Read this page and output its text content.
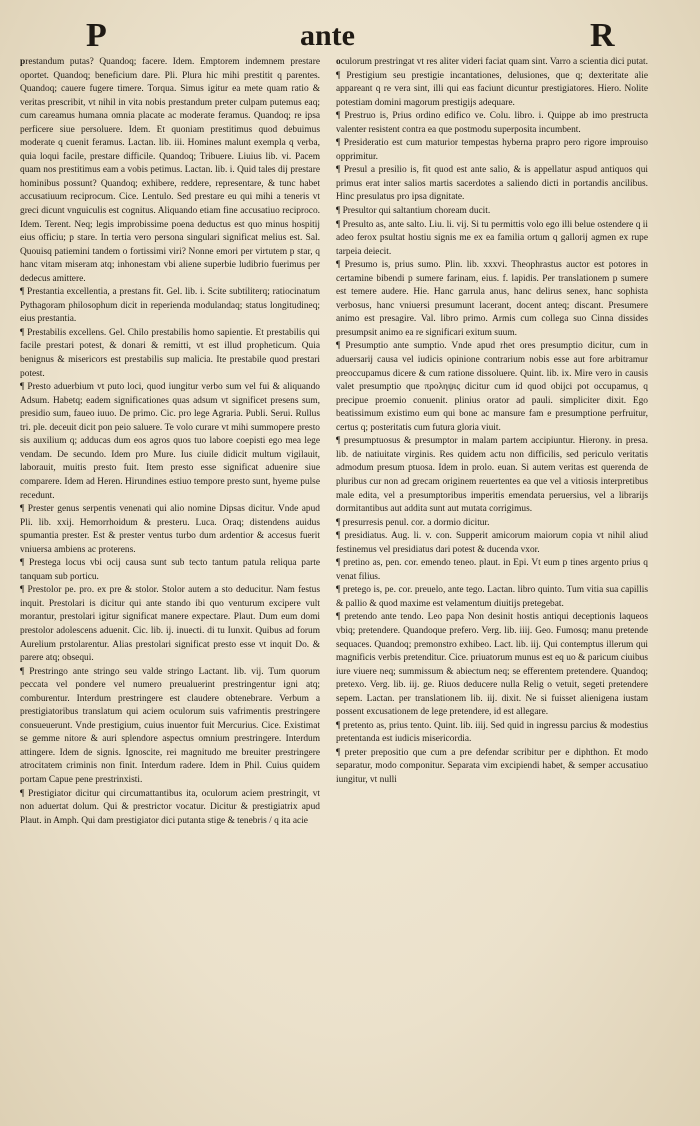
P	ante	R

prestandum putas? Quandoq; facere. Idem. Emptorem indemnem prestare oportet. Quandoq; beneficium dare. Pli. Plura hic mihi prestitit q parentes. Quandoq; cauere fugere timere. Torqua. Simus igitur ea mete quam ratio & veritas prescribit, vt nihil in vita nobis prestandum preter culpam putemus eaq; cum careamus humana omnia placate ac moderate feramus. Quandoq; re ipsa perficere siue persoluere. Idem. Et quoniam prestitimus quod debuimus moderate q cuenit feramus. Lactan. lib. iii. Homines malunt exempla q verba, quia loqui facile, prestare difficile. Quandoq; Tribuere. Liuius lib. vi. Pacem quam nos prestitimus eam a vobis petimus. Lactan. lib. i. Quid tales dij prestare hominibus possunt? Quandoq; exhibere, reddere, representare, & tunc habet accusatiuum reciprocum. Cice. Lentulo. Sed prestare eu qui mihi a teneris vt greci dicunt vnguiculis est cognitus. Aliquando etiam fine accusatiuo reciproco. Idem. Terent. Neq; legis improbissime poena deductus est quo minus hospitij eius officiu; p stare. In tertia vero persona singulari significat melius est. Sal. Quouisq patiemini tandem o fortissimi viri? Nonne emori per virtutem p star, q hanc vitam miseram atq; inhonestam vbi aliene superbie ludibrio fuerimus per dedecus amittere.

¶ Prestantia excellentia, a prestans fit. Gel. lib. i. Scite subtiliterq; ratiocinatum Pythagoram philosophum dicit in reperienda modulandaq; status longitudineq; eius prestantia.

¶ Prestabilis excellens. Gel. Chilo prestabilis homo sapientie. Et prestabilis qui facile prestari potest, & donari & remitti, vt est illud propheticum. Quia benignus & misericors est prestabilis sup malicia. Ite prestabile quod prestari potest.

¶ Presto aduerbium vt puto loci, quod iungitur verbo sum vel fui & aliquando Adsum. Habetq; eadem significationes quas adsum vt significet presens sum, presidio sum, faueo iuuo. De primo. Cic. pro lege Agraria. Publi. Serui. Rullus tri. ple. deceuit dicit pon peio saluere. Te volo curare vt mihi summopere presto sis auxilium q; adducas dum eos agros quos tuo labore coepisti ego mea lege vendam. De secundo. Idem pro Mure. Ius ciuile didicit multum vigilauit, laborauit, muitis presto fuit. Item presto esse significat aduenire siue comparere. Idem ad Heren. Hirundines estiuo tempore presto sunt, hyeme pulse recedunt.

¶ Prester genus serpentis venenati qui alio nomine Dipsas dicitur. Vnde apud Pli. lib. xxij. Hemorrhoidum & presteru. Luca. Oraq; distendens auidus spumantia prester. Est & prester ventus turbo dum ardentior & accesus fuerit vniuersa ambiens ac proterens.

¶ Prestega locus vbi ocij causa sunt sub tecto tantum patula reliqua parte tanquam sub porticu.

¶ Prestolor pe. pro. ex pre & stolor. Stolor autem a sto deducitur. Nam festus inquit. Prestolari is dicitur qui ante stando ibi quo venturum excipere vult morantur, prestolari igitur significat manere expectare. Plaut. Dum eum domi prestolor adolescens aduenit. Cic. lib. ij. inuecti. di tu Iunxit. Quibus ad forum Aurelium prstolarentur. Alias prestolari significat presto esse vt inquit Do. & parere atq; obsequi.

¶ Prestringo ante stringo seu valde stringo Lactant. lib. vij. Tum quorum peccata vel pondere vel numero preualuerint prestringentur igni atq; comburentur. Interdum prestringere est claudere obtenebrare. Verbum a prestigiatoribus translatum qui aciem oculorum suis vafrimentis prestringere consueuerunt. Vnde prestigium, cuius inuentor fuit Mercurius. Cice. Existimat se gemme nitore & auri splendore aspectus omnium prestringere. Interdum attingere. Idem de signis. Ignoscite, rei magnitudo me breuiter prestringere atrocitatem criminis non finit. Interdum radere. Idem in Phil. Cuius quidem portam Capue pene prestrinxisti.

¶ Prestigiator dicitur qui circumattantibus ita, oculorum aciem prestringit, vt non aduertat dolum. Qui & prestrictor vocatur. Dicitur & prestigiatrix apud Plaut. in Amph. Qui dam prestigiator dici putanta stige & tenebris / q ita acie

oculorum prestringat vt res aliter videri faciat quam sint. Varro a scientia dici putat.

¶ Prestigium seu prestigie incantationes, delusiones, que q; dexteritate alie appareant q re vera sint, illi qui eas faciunt dicuntur prestigiatores. Hiero. Nolite potestiam domini magorum prestigijs adequare.

¶ Prestruo is, Prius ordino edifico ve. Colu. libro. i. Quippe ab imo prestructa valenter resistent contra ea que postmodu superposita incumbent.

¶ Presideratio est cum maturior tempestas hyberna prapro pero rigore improuiso opprimitur.

¶ Presul a presilio is, fit quod est ante salio, & is appellatur aspud antiquos qui primus erat inter salios martis sacerdotes a saliendo dicti in portandis ancilibus. Hinc presulatus pro ipsa dignitate.

¶ Presultor qui saltantium choream ducit.

¶ Presulto as, ante salto. Liu. li. vij. Si tu permittis volo ego illi belue ostendere q ii adeo ferox psultat hostiu signis me ex ea familia ortum q gallorij agmen ex rupe tarpeia deiecit.

¶ Presumo is, prius sumo. Plin. lib. xxxvi. Theophrastus auctor est potores in certamine bibendi p sumere farinam, eius. f. lapidis. Per translationem p sumere est temere audere. Hie. Hanc garrula anus, hanc delirus senex, hanc sophista verbosus, hanc vniuersi presumunt lacerant, docent anteq; discant. Presumere animo est presagire. Val. libro primo. Armis cum collega suo Cinna dissides presumpsit animo ea re significari exitum suum.

¶ Presumptio ante sumptio. Vnde apud rhet ores presumptio dicitur, cum in aduersarij causa vel iudicis opinione contrarium nobis esse aut fore arbitramur preoccupamus dicere & cum ratione dissoluere. Quint. lib. ix. Mire vero in causis valet presumptio que προληψις dicitur cum id quod obijci pot occupamus, q precipue proemio conuenit. plinius orator ad pauli. simpliciter dixit. Ego beatissimum existimo eum qui bone ac mansure fam e presumptione perfruitur, certus q; posteritatis cum futura gloria viuit.

¶ presumptuosus & presumptor in malam partem accipiuntur. Hierony. in presa. lib. de natiuitate virginis. Res quidem actu non difficilis, sed periculo veritatis admodum presum ptuosa. Idem in prolo. euan. Si autem veritas est querenda de pluribus cur non ad grecam originem reuertentes ea que vel a vitiosis interpretibus male edita, vel a presumptoribus imperitis emendata peruersius, vel a librarijs dormitantibus aut addita sunt aut mutata corrigimus.

¶ presurresis penul. cor. a dormio dicitur.

¶ presidiatus. Aug. li. v. con. Supperit amicorum maiorum copia vt nihil aliud festinemus vel presidiatus dari potest & ducenda vxor.

¶ pretino as, pen. cor. emendo teneo. plaut. in Epi. Vt eum p tines argento prius q venat filius.

¶ pretego is, pe. cor. preuelo, ante tego. Lactan. libro quinto. Tum vitia sua capillis & pallio & quod maxime est velamentum diuitijs pretegebat.

¶ pretendo ante tendo. Leo papa Non desinit hostis antiqui deceptionis laqueos vbiq; pretendere. Quandoque prefero. Verg. lib. iiij. Geo. Fumosq; manu pretende sequaces. Quandoq; premonstro exhibeo. Lact. lib. iij. Qui contemptus illerum qui magnificis verbis pretenditur. Cice. priuatorum munus est eq uo & paricum ciuibus iure viuere neq; summissum & abiectum neq; se efferentem pretendere. Quandoq; pretexo. Verg. lib. iij. ge. Riuos deducere nulla Relig o vetuit, segeti pretendere sepem. Lactan. per translationem lib. iij. dixit. Ne si fuisset alienigena iustam possent excusationem de lege pretendere, id est allegare.

¶ pretento as, prius tento. Quint. lib. iiij. Sed quid in ingressu parcius & modestius pretentanda est iudicis misericordia.

¶ preter prepositio que cum a pre defendar scribitur per e diphthon. Et modo separatur, modo componitur. Separata vim excipiendi habet, & semper accusatiuo iungitur, vt nulli
